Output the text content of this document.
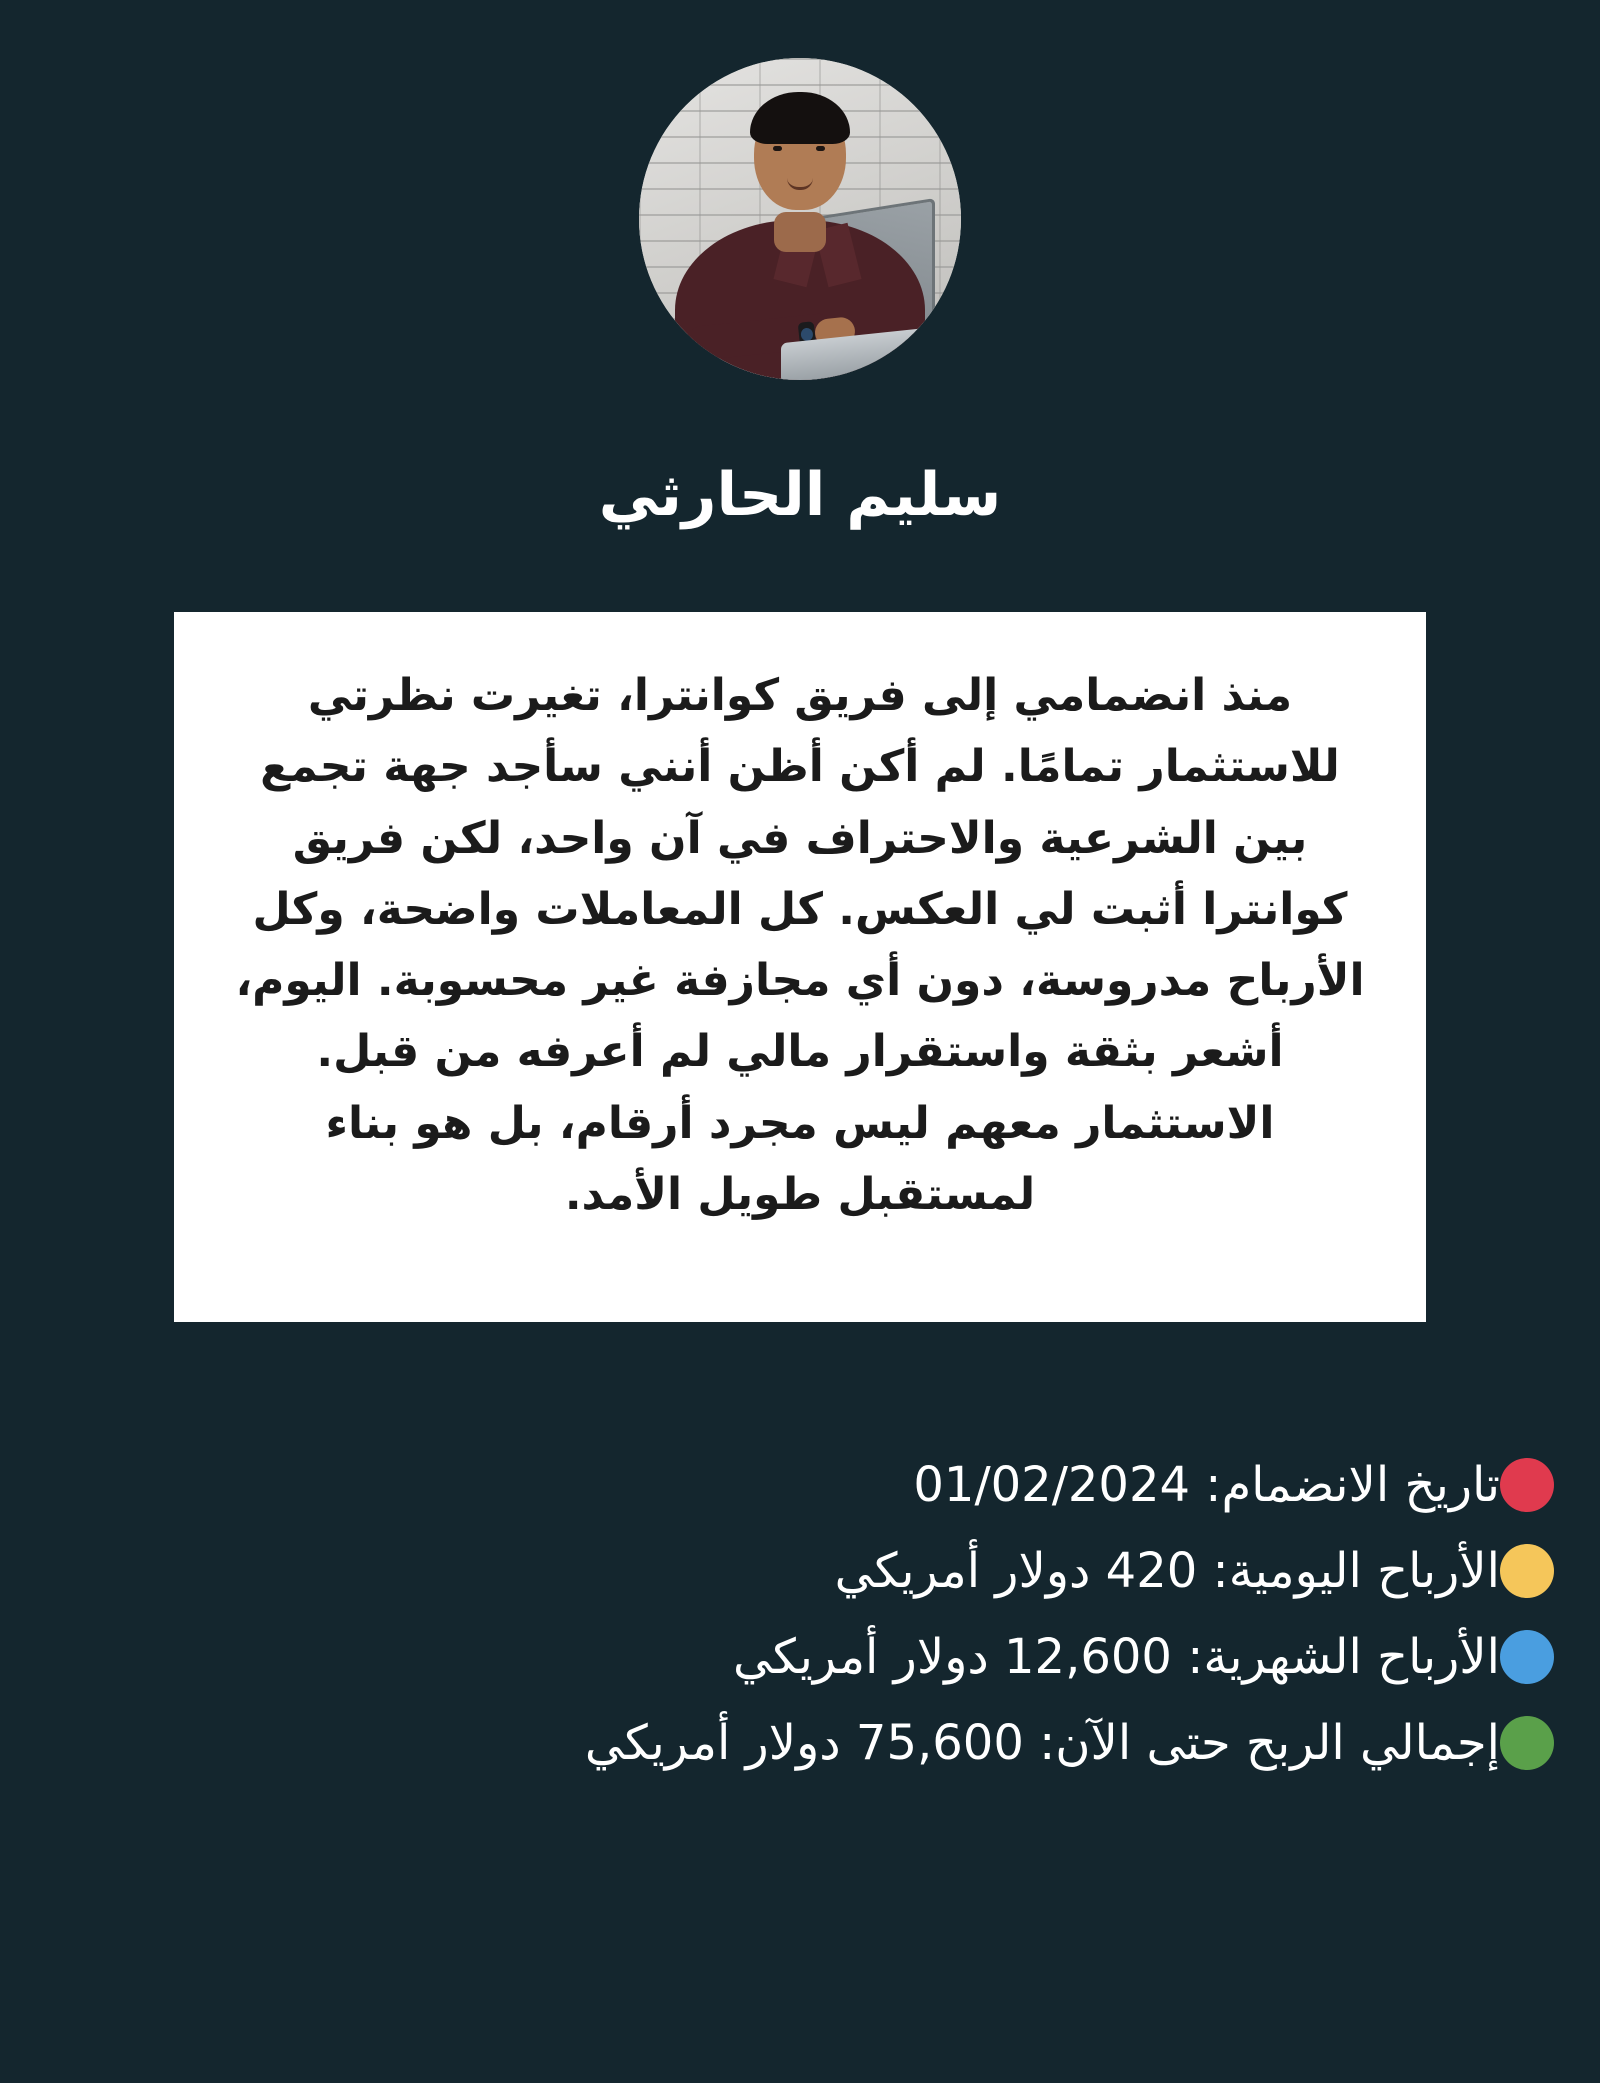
سليم الحارثي
منذ انضمامي إلى فريق كوانترا، تغيرت نظرتي للاستثمار تمامًا. لم أكن أظن أنني سأجد جهة تجمع بين الشرعية والاحتراف في آن واحد، لكن فريق كوانترا أثبت لي العكس. كل المعاملات واضحة، وكل الأرباح مدروسة، دون أي مجازفة غير محسوبة. اليوم، أشعر بثقة واستقرار مالي لم أعرفه من قبل. الاستثمار معهم ليس مجرد أرقام، بل هو بناء لمستقبل طويل الأمد.
تاريخ الانضمام: 01/02/2024
الأرباح اليومية: 420 دولار أمريكي
الأرباح الشهرية: 12,600 دولار أمريكي
إجمالي الربح حتى الآن: 75,600 دولار أمريكي
